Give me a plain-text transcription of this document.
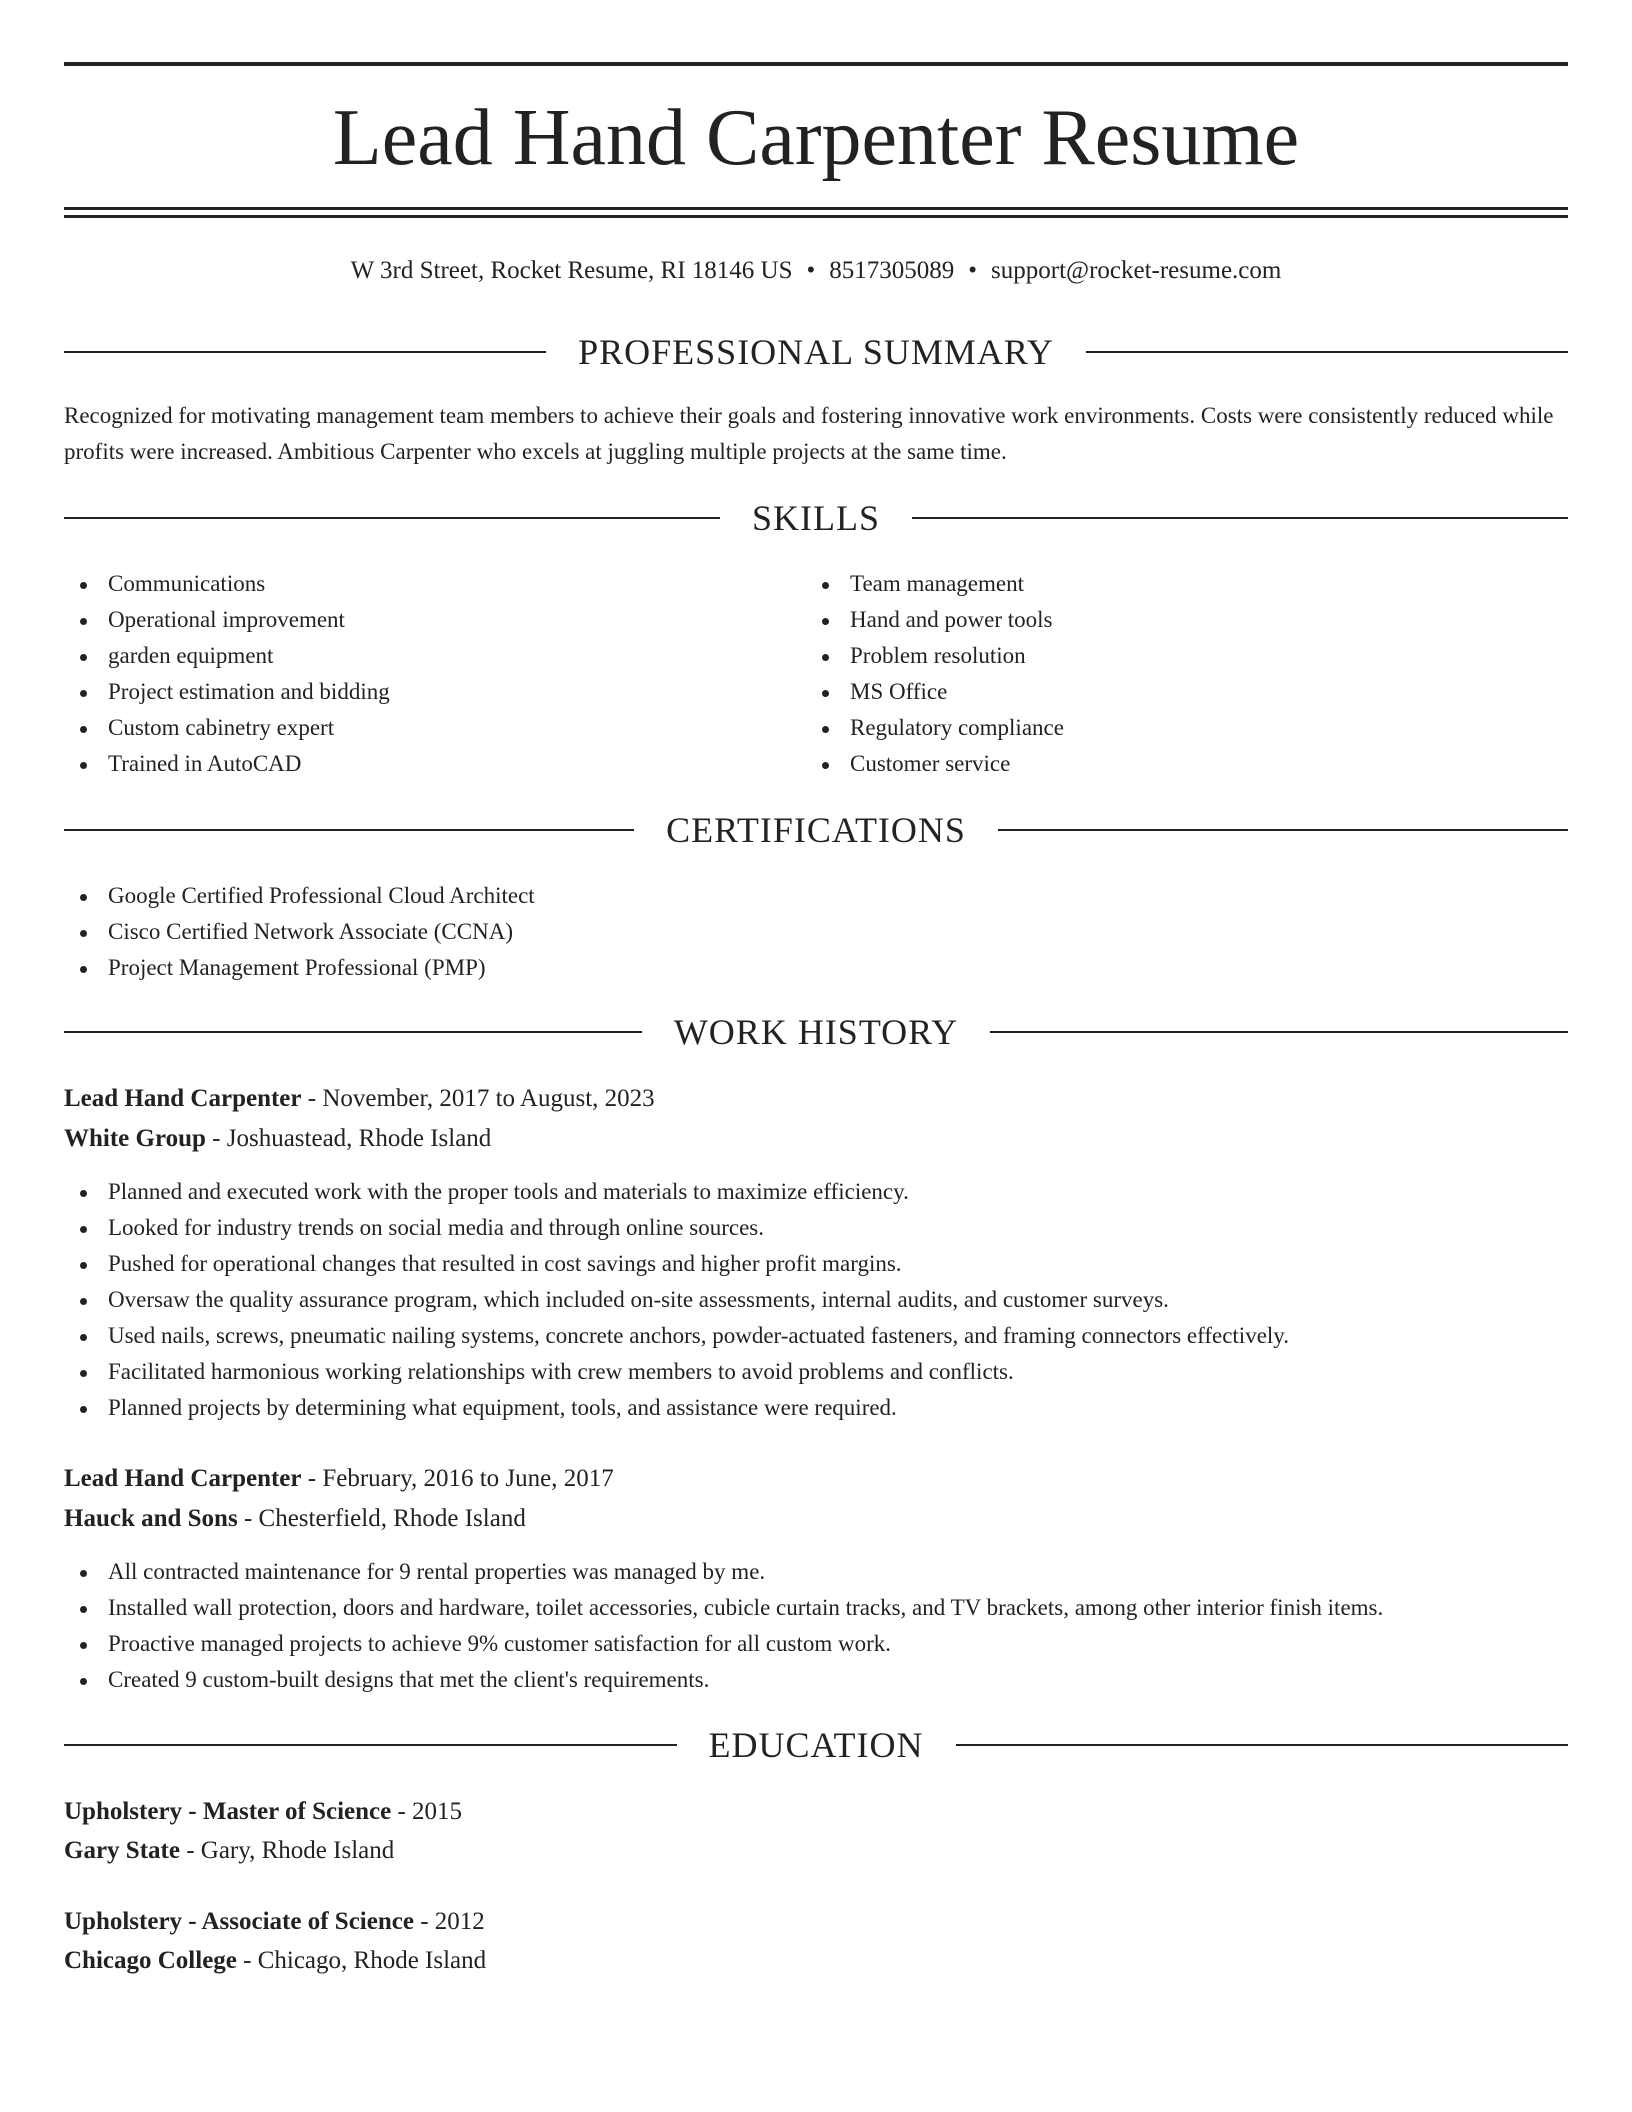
Lead Hand Carpenter Resume
W 3rd Street, Rocket Resume, RI 18146 US • 8517305089 • support@rocket-resume.com
PROFESSIONAL SUMMARY

Recognized for motivating management team members to achieve their goals and fostering innovative work environments. Costs were consistently reduced while profits were increased. Ambitious Carpenter who excels at juggling multiple projects at the same time.

SKILLS
Communications
Operational improvement
garden equipment
Project estimation and bidding
Custom cabinetry expert
Trained in AutoCAD
Team management
Hand and power tools
Problem resolution
MS Office
Regulatory compliance
Customer service
CERTIFICATIONS
Google Certified Professional Cloud Architect
Cisco Certified Network Associate (CCNA)
Project Management Professional (PMP)
WORK HISTORY
Lead Hand Carpenter - November, 2017 to August, 2023
White Group - Joshuastead, Rhode Island
Planned and executed work with the proper tools and materials to maximize efficiency.
Looked for industry trends on social media and through online sources.
Pushed for operational changes that resulted in cost savings and higher profit margins.
Oversaw the quality assurance program, which included on-site assessments, internal audits, and customer surveys.
Used nails, screws, pneumatic nailing systems, concrete anchors, powder-actuated fasteners, and framing connectors effectively.
Facilitated harmonious working relationships with crew members to avoid problems and conflicts.
Planned projects by determining what equipment, tools, and assistance were required.
Lead Hand Carpenter - February, 2016 to June, 2017
Hauck and Sons - Chesterfield, Rhode Island
All contracted maintenance for 9 rental properties was managed by me.
Installed wall protection, doors and hardware, toilet accessories, cubicle curtain tracks, and TV brackets, among other interior finish items.
Proactive managed projects to achieve 9% customer satisfaction for all custom work.
Created 9 custom-built designs that met the client's requirements.
EDUCATION
Upholstery - Master of Science - 2015
Gary State - Gary, Rhode Island
Upholstery - Associate of Science - 2012
Chicago College - Chicago, Rhode Island
